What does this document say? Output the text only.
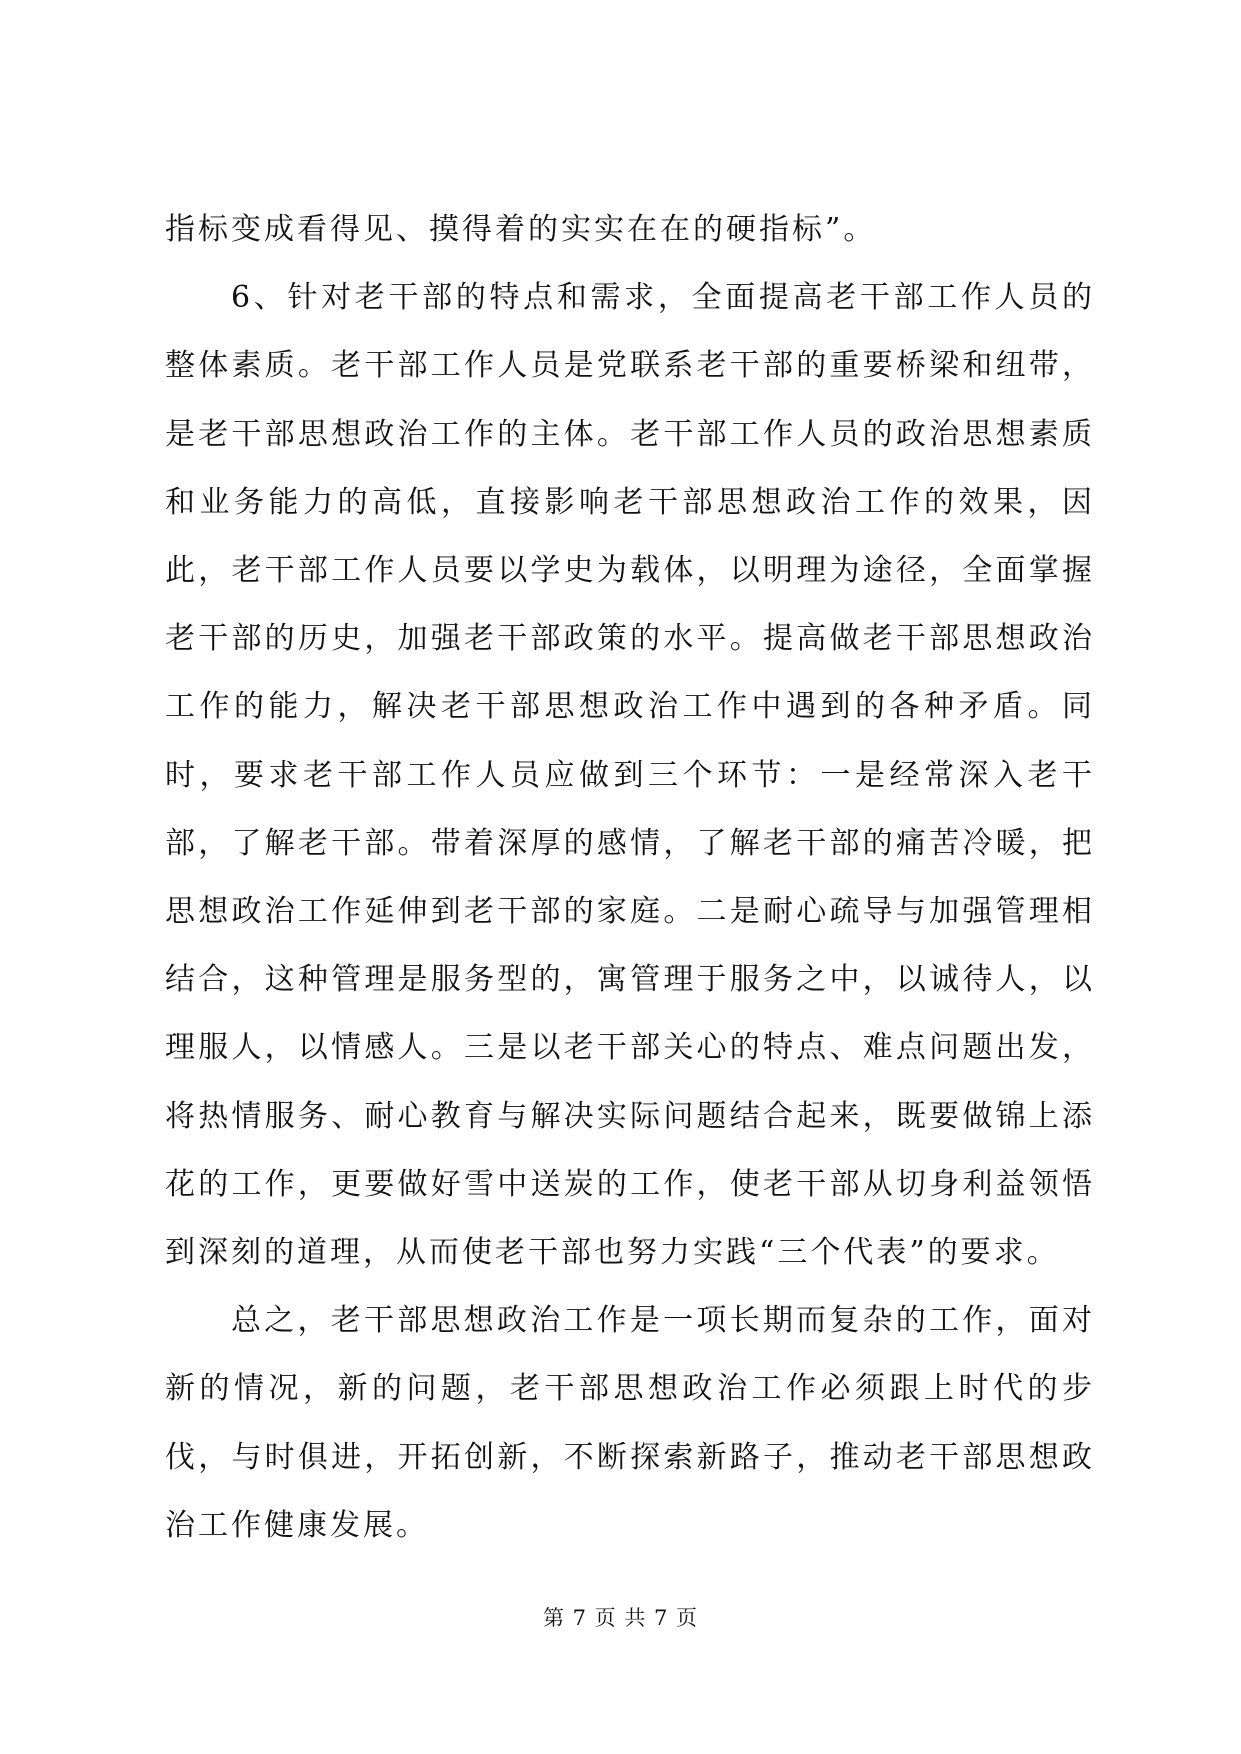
指标变成看得见、摸得着的实实在在的硬指标”。

6、针对老干部的特点和需求，全面提高老干部工作人员的整体素质。老干部工作人员是党联系老干部的重要桥梁和纽带，是老干部思想政治工作的主体。老干部工作人员的政治思想素质和业务能力的高低，直接影响老干部思想政治工作的效果，因此，老干部工作人员要以学史为载体，以明理为途径，全面掌握老干部的历史，加强老干部政策的水平。提高做老干部思想政治工作的能力，解决老干部思想政治工作中遇到的各种矛盾。同时，要求老干部工作人员应做到三个环节：一是经常深入老干部，了解老干部。带着深厚的感情，了解老干部的痛苦冷暖，把思想政治工作延伸到老干部的家庭。二是耐心疏导与加强管理相结合，这种管理是服务型的，寓管理于服务之中，以诚待人，以理服人，以情感人。三是以老干部关心的特点、难点问题出发，将热情服务、耐心教育与解决实际问题结合起来，既要做锦上添花的工作，更要做好雪中送炭的工作，使老干部从切身利益领悟到深刻的道理，从而使老干部也努力实践“三个代表”的要求。

总之，老干部思想政治工作是一项长期而复杂的工作，面对新的情况，新的问题，老干部思想政治工作必须跟上时代的步伐，与时俱进，开拓创新，不断探索新路子，推动老干部思想政治工作健康发展。

第 7 页 共 7 页
